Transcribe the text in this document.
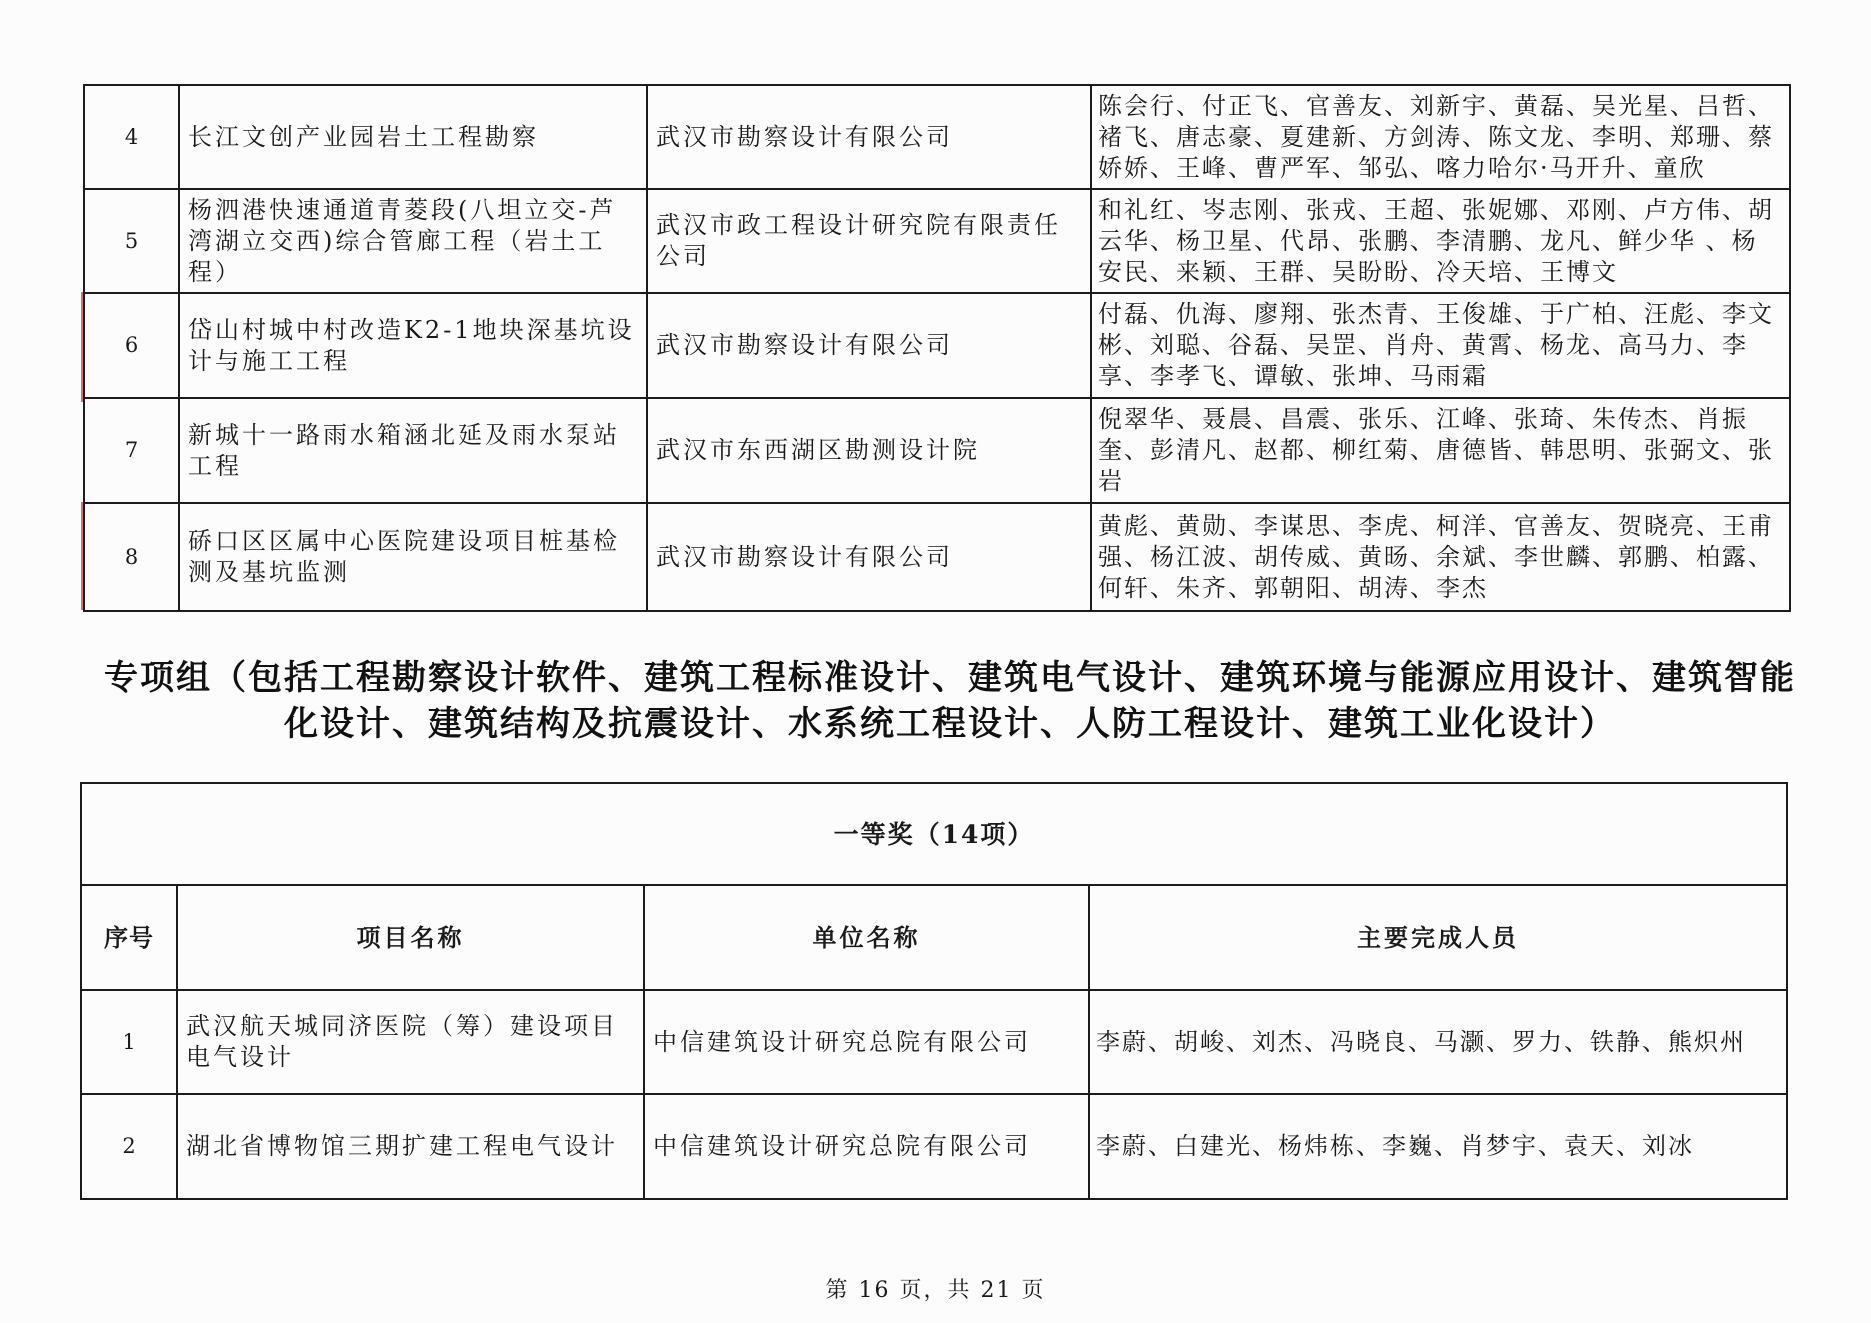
4	长江文创产业园岩土工程勘察	武汉市勘察设计有限公司	陈会行、付正飞、官善友、刘新宇、黄磊、吴光星、吕哲、褚飞、唐志豪、夏建新、方剑涛、陈文龙、李明、郑珊、蔡娇娇、王峰、曹严军、邹弘、喀力哈尔·马开升、童欣
5	杨泗港快速通道青菱段(八坦立交-芦湾湖立交西)综合管廊工程（岩土工程）	武汉市政工程设计研究院有限责任公司	和礼红、岑志刚、张戎、王超、张妮娜、邓刚、卢方伟、胡云华、杨卫星、代昂、张鹏、李清鹏、龙凡、鲜少华 、杨安民、来颖、王群、吴盼盼、冷天培、王博文
6	岱山村城中村改造K2-1地块深基坑设计与施工工程	武汉市勘察设计有限公司	付磊、仇海、廖翔、张杰青、王俊雄、于广柏、汪彪、李文彬、刘聪、谷磊、吴罡、肖舟、黄霄、杨龙、高马力、李享、李孝飞、谭敏、张坤、马雨霜
7	新城十一路雨水箱涵北延及雨水泵站工程	武汉市东西湖区勘测设计院	倪翠华、聂晨、昌震、张乐、江峰、张琦、朱传杰、肖振奎、彭清凡、赵都、柳红菊、唐德皆、韩思明、张弼文、张岩
8	硚口区区属中心医院建设项目桩基检测及基坑监测	武汉市勘察设计有限公司	黄彪、黄勋、李谋思、李虎、柯洋、官善友、贺晓亮、王甫强、杨江波、胡传威、黄旸、余斌、李世麟、郭鹏、柏露、何轩、朱齐、郭朝阳、胡涛、李杰
专项组（包括工程勘察设计软件、建筑工程标准设计、建筑电气设计、建筑环境与能源应用设计、建筑智能化设计、建筑结构及抗震设计、水系统工程设计、人防工程设计、建筑工业化设计）
一等奖（14项）			
序号	项目名称	单位名称	主要完成人员
1	武汉航天城同济医院（筹）建设项目电气设计	中信建筑设计研究总院有限公司	李蔚、胡峻、刘杰、冯晓良、马灏、罗力、铁静、熊炽州
2	湖北省博物馆三期扩建工程电气设计	中信建筑设计研究总院有限公司	李蔚、白建光、杨炜栋、李巍、肖梦宇、袁天、刘冰
第 16 页，共 21 页
